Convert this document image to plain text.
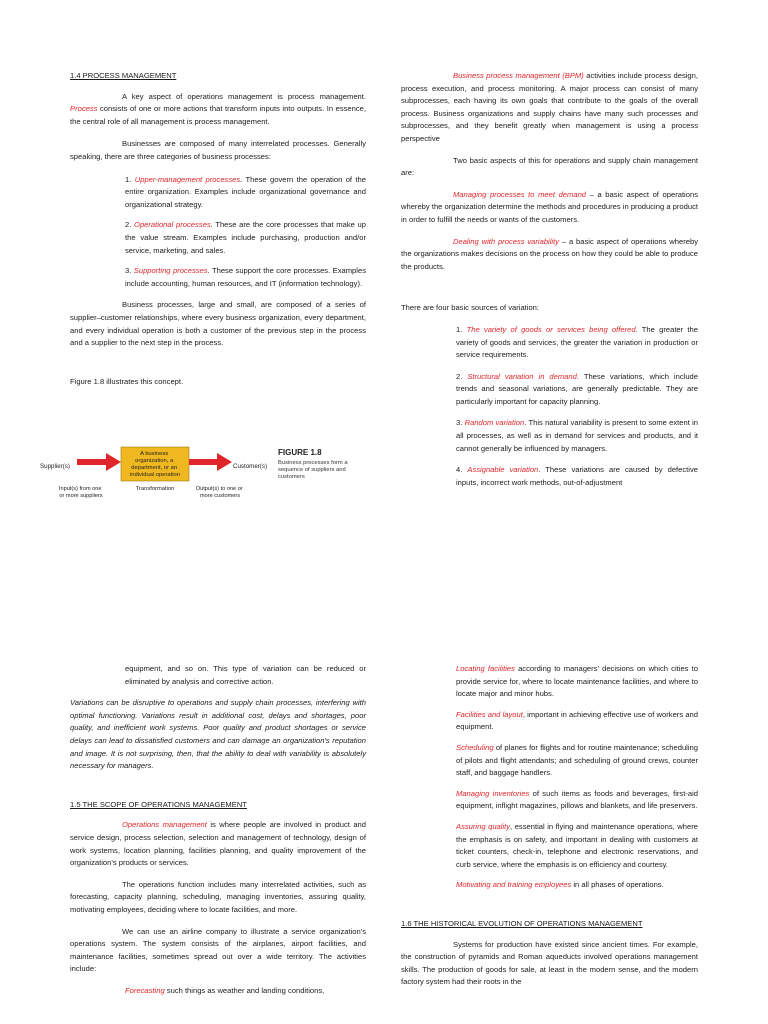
1.4 PROCESS MANAGEMENT

A key aspect of operations management is process management. Process consists of one or more actions that transform inputs into outputs. In essence, the central role of all management is process management.

Businesses are composed of many interrelated processes. Generally speaking, there are three categories of business processes:

1. Upper-management processes. These govern the operation of the entire organization. Examples include organizational governance and organizational strategy.

2. Operational processes. These are the core processes that make up the value stream. Examples include purchasing, production and/or service, marketing, and sales.

3. Supporting processes. These support the core processes. Examples include accounting, human resources, and IT (information technology).

Business processes, large and small, are composed of a series of supplier–customer relationships, where every business organization, every department, and every individual operation is both a customer of the previous step in the process and a supplier to the next step in the process.

Figure 1.8 illustrates this concept.

Supplier(s)
A business organization, a department, or an individual operation
Customer(s)
Input(s) from one or more suppliers
Transformation	Output(s) to one or more customers
FIGURE 1.8
Business processes form a sequence of suppliers and customers

Business process management (BPM) activities include process design, process execution, and process monitoring. A major process can consist of many subprocesses, each having its own goals that contribute to the goals of the overall process. Business organizations and supply chains have many such processes and subprocesses, and they benefit greatly when management is using a process perspective

Two basic aspects of this for operations and supply chain management are:

Managing processes to meet demand – a basic aspect of operations whereby the organization determine the methods and procedures in producing a product in order to fulfill the needs or wants of the customers.

Dealing with process variability – a basic aspect of operations whereby the organizations makes decisions on the process on how they could be able to produce the products.

There are four basic sources of variation:

1. The variety of goods or services being offered. The greater the variety of goods and services, the greater the variation in production or service requirements.

2. Structural variation in demand. These variations, which include trends and seasonal variations, are generally predictable. They are particularly important for capacity planning.

3. Random variation. This natural variability is present to some extent in all processes, as well as in demand for services and products, and it cannot generally be influenced by managers.

4. Assignable variation. These variations are caused by defective inputs, incorrect work methods, out-of-adjustment

equipment, and so on. This type of variation can be reduced or eliminated by analysis and corrective action.

Variations can be disruptive to operations and supply chain processes, interfering with optimal functioning. Variations result in additional cost, delays and shortages, poor quality, and inefficient work systems. Poor quality and product shortages or service delays can lead to dissatisfied customers and can damage an organization's reputation and image. It is not surprising, then, that the ability to deal with variability is absolutely necessary for managers.

1.5 THE SCOPE OF OPERATIONS MANAGEMENT

Operations management is where people are involved in product and service design, process selection, selection and management of technology, design of work systems, location planning, facilities planning, and quality improvement of the organization's products or services.

The operations function includes many interrelated activities, such as forecasting, capacity planning, scheduling, managing inventories, assuring quality, motivating employees, deciding where to locate facilities, and more.

We can use an airline company to illustrate a service organization's operations system. The system consists of the airplanes, airport facilities, and maintenance facilities, sometimes spread out over a wide territory. The activities include:

Forecasting such things as weather and landing conditions,

Locating facilities according to managers' decisions on which cities to provide service for, where to locate maintenance facilities, and where to locate major and minor hubs.

Facilities and layout, important in achieving effective use of workers and equipment.

Scheduling of planes for flights and for routine maintenance; scheduling of pilots and flight attendants; and scheduling of ground crews, counter staff, and baggage handlers.

Managing inventories of such items as foods and beverages, first-aid equipment, inflight magazines, pillows and blankets, and life preservers.

Assuring quality, essential in flying and maintenance operations, where the emphasis is on safety, and important in dealing with customers at ticket counters, check-in, telephone and electronic reservations, and curb service, where the emphasis is on efficiency and courtesy.

Motivating and training employees in all phases of operations.

1.6 THE HISTORICAL EVOLUTION OF OPERATIONS MANAGEMENT

Systems for production have existed since ancient times. For example, the construction of pyramids and Roman aqueducts involved operations management skills. The production of goods for sale, at least in the modern sense, and the modern factory system had their roots in the
